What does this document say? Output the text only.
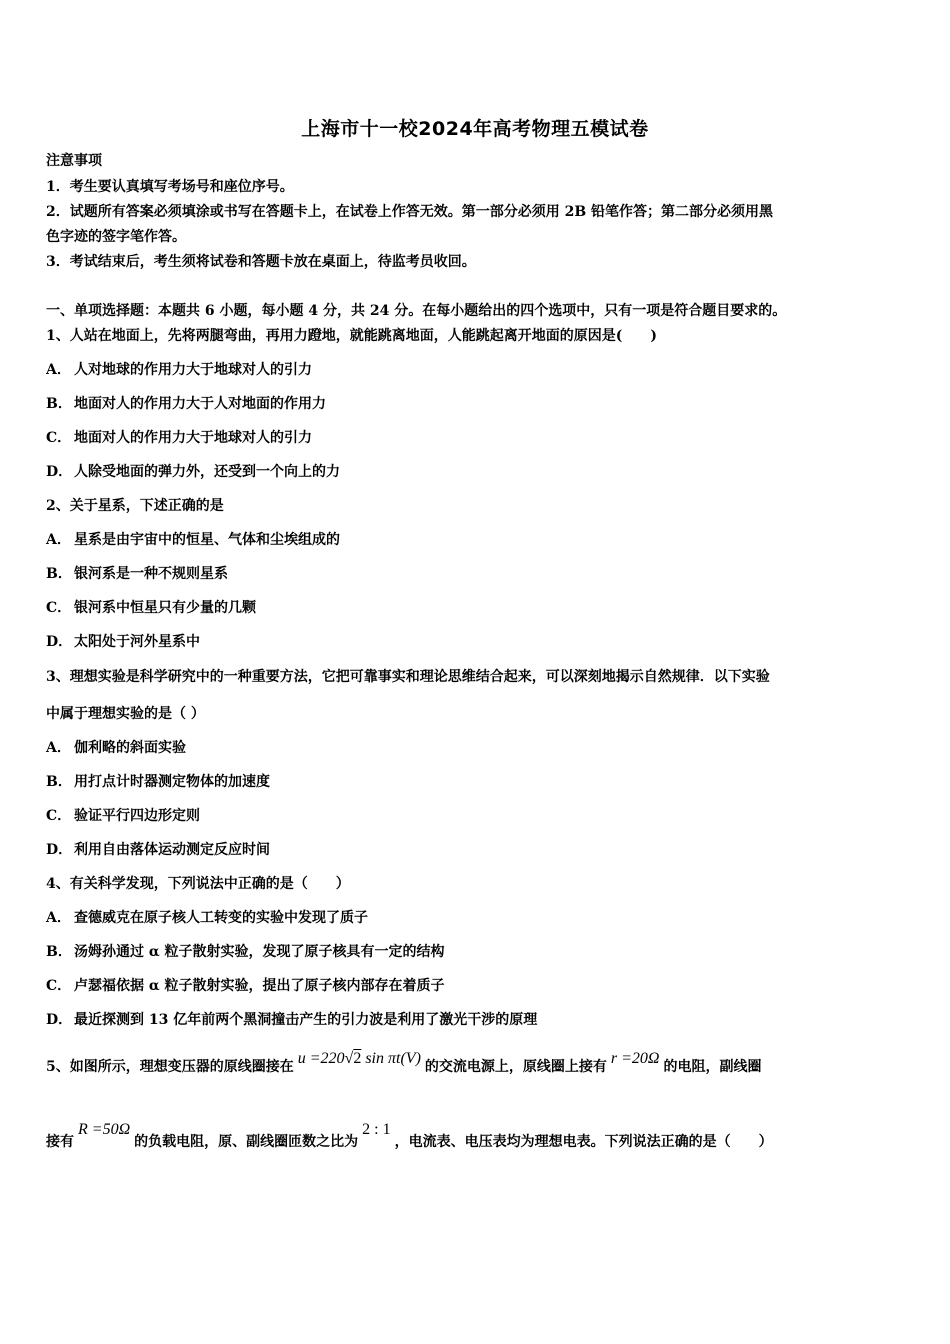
上海市十一校2024年高考物理五模试卷
注意事项
1．考生要认真填写考场号和座位序号。
2．试题所有答案必须填涂或书写在答题卡上，在试卷上作答无效。第一部分必须用 2B 铅笔作答；第二部分必须用黑
色字迹的签字笔作答。
3．考试结束后，考生须将试卷和答题卡放在桌面上，待监考员收回。
一、单项选择题：本题共 6 小题，每小题 4 分，共 24 分。在每小题给出的四个选项中，只有一项是符合题目要求的。
1、人站在地面上，先将两腿弯曲，再用力蹬地，就能跳离地面，人能跳起离开地面的原因是(　　)
A． 人对地球的作用力大于地球对人的引力
B． 地面对人的作用力大于人对地面的作用力
C． 地面对人的作用力大于地球对人的引力
D． 人除受地面的弹力外，还受到一个向上的力
2、关于星系，下述正确的是
A． 星系是由宇宙中的恒星、气体和尘埃组成的
B． 银河系是一种不规则星系
C． 银河系中恒星只有少量的几颗
D． 太阳处于河外星系中
3、理想实验是科学研究中的一种重要方法，它把可靠事实和理论思维结合起来，可以深刻地揭示自然规律．以下实验
中属于理想实验的是（ ）
A． 伽利略的斜面实验
B． 用打点计时器测定物体的加速度
C． 验证平行四边形定则
D． 利用自由落体运动测定反应时间
4、有关科学发现，下列说法中正确的是（　　）
A． 查德威克在原子核人工转变的实验中发现了质子
B． 汤姆孙通过 α 粒子散射实验，发现了原子核具有一定的结构
C． 卢瑟福依据 α 粒子散射实验，提出了原子核内部存在着质子
D． 最近探测到 13 亿年前两个黑洞撞击产生的引力波是利用了激光干涉的原理
5、如图所示，理想变压器的原线圈接在 u =220√2 sin πt(V) 的交流电源上，原线圈上接有 r =20Ω 的电阻，副线圈
接有R =50Ω的负载电阻，原、副线圈匝数之比为2 : 1，电流表、电压表均为理想电表。下列说法正确的是（　　）
